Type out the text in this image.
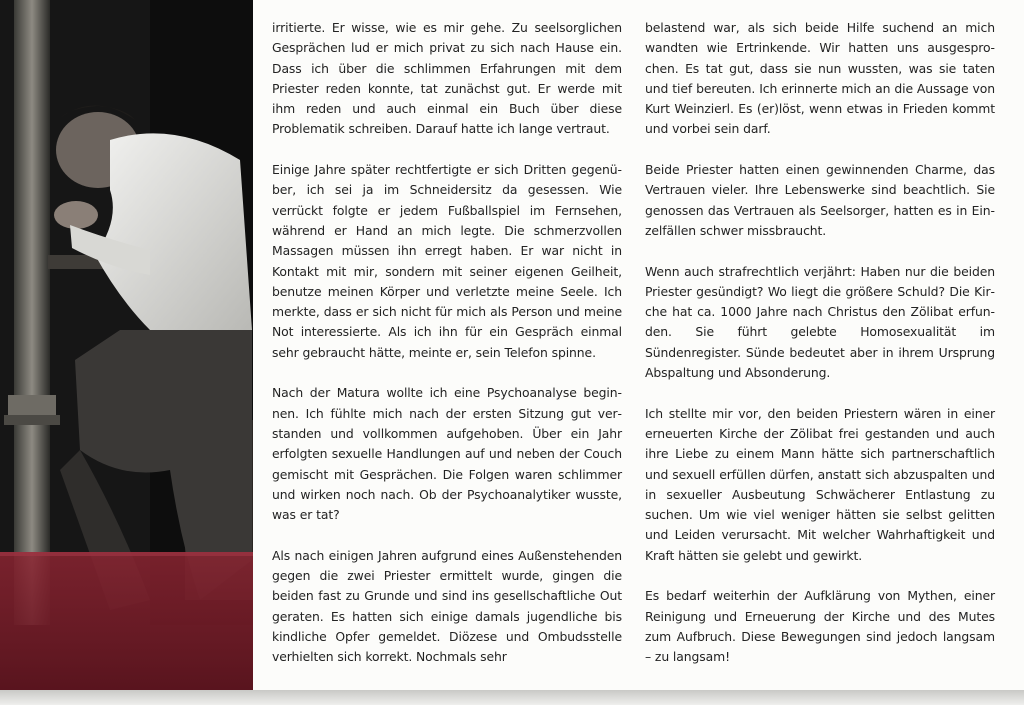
irritierte. Er wisse, wie es mir gehe. Zu seelsorglichen Gesprächen lud er mich privat zu sich nach Hause ein. Dass ich über die schlimmen Erfahrungen mit dem Priester reden konnte, tat zunächst gut. Er werde mit ihm reden und auch einmal ein Buch über diese Problematik schreiben. Darauf hatte ich lange vertraut.

Einige Jahre später rechtfertigte er sich Dritten gegenüber, ich sei ja im Schneidersitz da gesessen. Wie verrückt folgte er jedem Fußballspiel im Fernsehen, während er Hand an mich legte. Die schmerzvollen Massagen müssen ihn erregt haben. Er war nicht in Kontakt mit mir, sondern mit seiner eigenen Geilheit, benutze meinen Körper und verletzte meine Seele. Ich merkte, dass er sich nicht für mich als Person und meine Not interessierte. Als ich ihn für ein Gespräch einmal sehr gebraucht hätte, meinte er, sein Telefon spinne.

Nach der Matura wollte ich eine Psychoanalyse beginnen. Ich fühlte mich nach der ersten Sitzung gut verstanden und vollkommen aufgehoben. Über ein Jahr erfolgten sexuelle Handlungen auf und neben der Couch gemischt mit Gesprächen. Die Folgen waren schlimmer und wirken noch nach. Ob der Psychoanalytiker wusste, was er tat?

Als nach einigen Jahren aufgrund eines Außenstehenden gegen die zwei Priester ermittelt wurde, gingen die beiden fast zu Grunde und sind ins gesellschaftliche Out geraten. Es hatten sich einige damals jugendliche bis kindliche Opfer gemeldet. Diözese und Ombudsstelle verhielten sich korrekt. Nochmals sehr

belastend war, als sich beide Hilfe suchend an mich wandten wie Ertrinkende. Wir hatten uns ausgesprochen. Es tat gut, dass sie nun wussten, was sie taten und tief bereuten. Ich erinnerte mich an die Aussage von Kurt Weinzierl. Es (er)löst, wenn etwas in Frieden kommt und vorbei sein darf.

Beide Priester hatten einen gewinnenden Charme, das Vertrauen vieler. Ihre Lebenswerke sind beachtlich. Sie genossen das Vertrauen als Seelsorger, hatten es in Einzelfällen schwer missbraucht.

Wenn auch strafrechtlich verjährt: Haben nur die beiden Priester gesündigt? Wo liegt die größere Schuld? Die Kirche hat ca. 1000 Jahre nach Christus den Zölibat erfunden. Sie führt gelebte Homosexualität im Sündenregister. Sünde bedeutet aber in ihrem Ursprung Abspaltung und Absonderung.

Ich stellte mir vor, den beiden Priestern wären in einer erneuerten Kirche der Zölibat frei gestanden und auch ihre Liebe zu einem Mann hätte sich partnerschaftlich und sexuell erfüllen dürfen, anstatt sich abzuspalten und in sexueller Ausbeutung Schwächerer Entlastung zu suchen. Um wie viel weniger hätten sie selbst gelitten und Leiden verursacht. Mit welcher Wahrhaftigkeit und Kraft hätten sie gelebt und gewirkt.

Es bedarf weiterhin der Aufklärung von Mythen, einer Reinigung und Erneuerung der Kirche und des Mutes zum Aufbruch. Diese Bewegungen sind jedoch langsam – zu langsam!
